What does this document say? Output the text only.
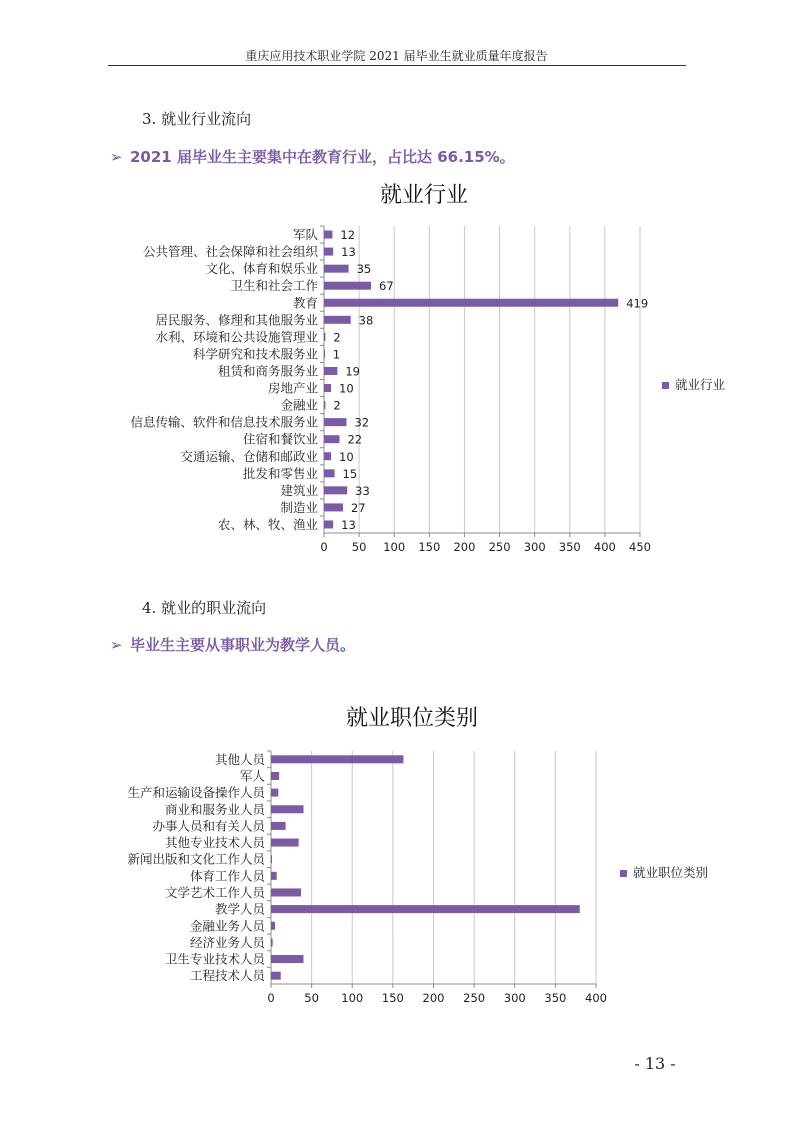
重庆应用技术职业学院 2021 届毕业生就业质量年度报告
3. 就业行业流向
➢ 2021 届毕业生主要集中在教育行业，占比达 66.15%。
就业行业
0 50 100 150 200 250 300 350 400 450
军队 12
公共管理、社会保障和社会组织 13
文化、体育和娱乐业	35
卫生和社会工作	67
教育	419
居民服务、修理和其他服务业	38
水利、环境和公共设施管理业 2
科学研究和技术服务业 1
租赁和商务服务业 19
房地产业 10
金融业 2
信息传输、软件和信息技术服务业	32
住宿和餐饮业	22
交通运输、仓储和邮政业 10
批发和零售业 15
建筑业	33
制造业	27
农、林、牧、渔业 13
就业行业
4. 就业的职业流向
➢ 毕业生主要从事职业为教学人员。
就业职位类别
0	50 100 150 200 250 300 350 400
其他人员
军人
生产和运输设备操作人员
商业和服务业人员
办事人员和有关人员
其他专业技术人员
新闻出版和文化工作人员
体育工作人员
文学艺术工作人员
教学人员
金融业务人员
经济业务人员
卫生专业技术人员
工程技术人员
就业职位类别
- 13 -
